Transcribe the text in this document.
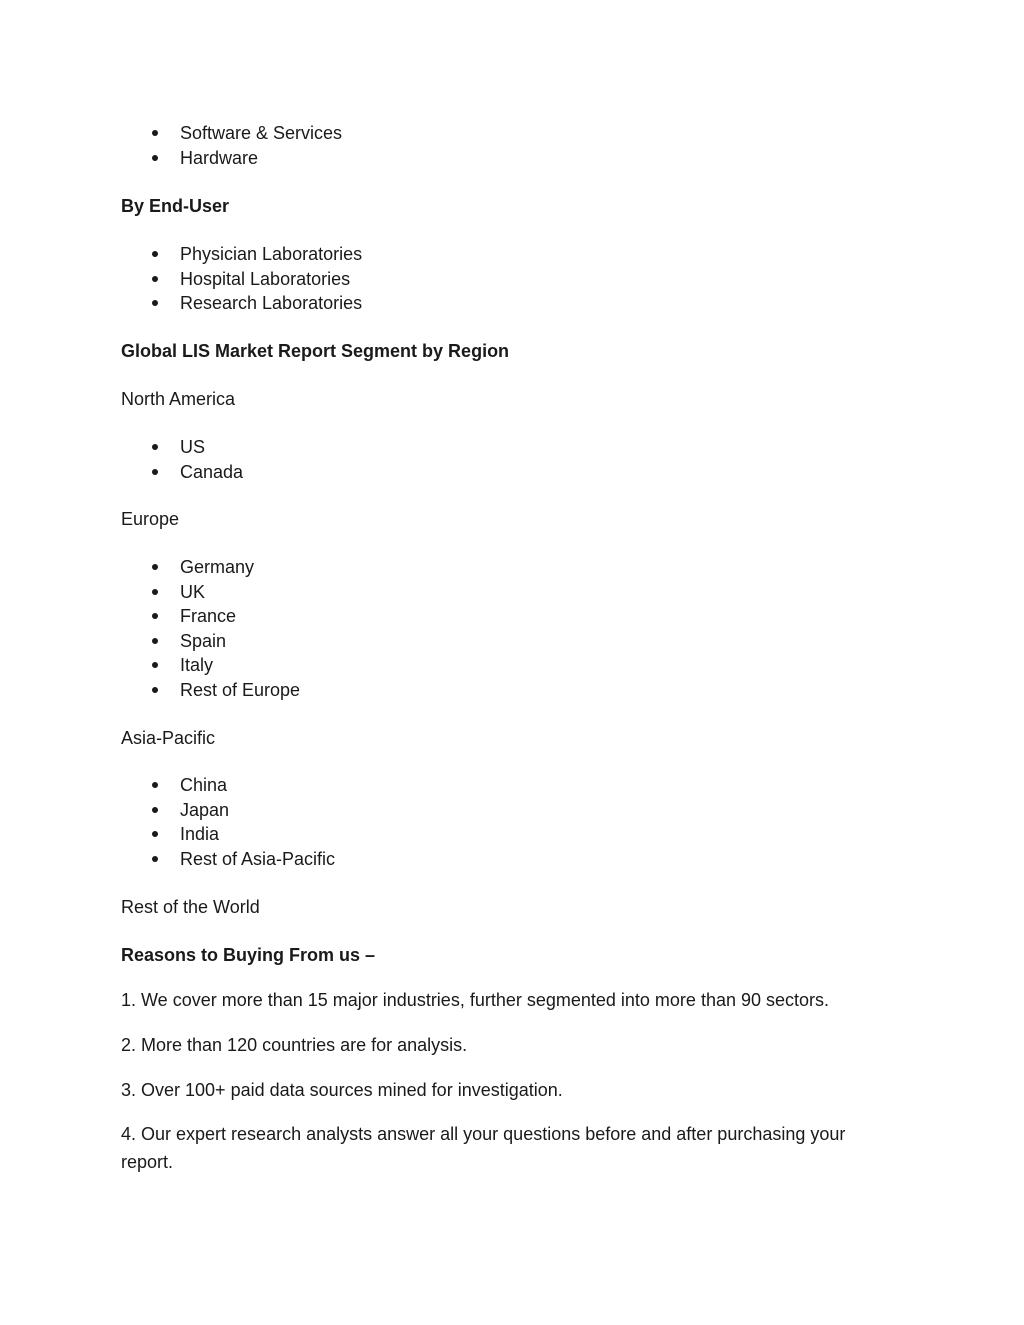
Software & Services
Hardware
By End-User
Physician Laboratories
Hospital Laboratories
Research Laboratories
Global LIS Market Report Segment by Region
North America
US
Canada
Europe
Germany
UK
France
Spain
Italy
Rest of Europe
Asia-Pacific
China
Japan
India
Rest of Asia-Pacific
Rest of the World
Reasons to Buying From us –
1. We cover more than 15 major industries, further segmented into more than 90 sectors.
2. More than 120 countries are for analysis.
3. Over 100+ paid data sources mined for investigation.
4. Our expert research analysts answer all your questions before and after purchasing your report.
